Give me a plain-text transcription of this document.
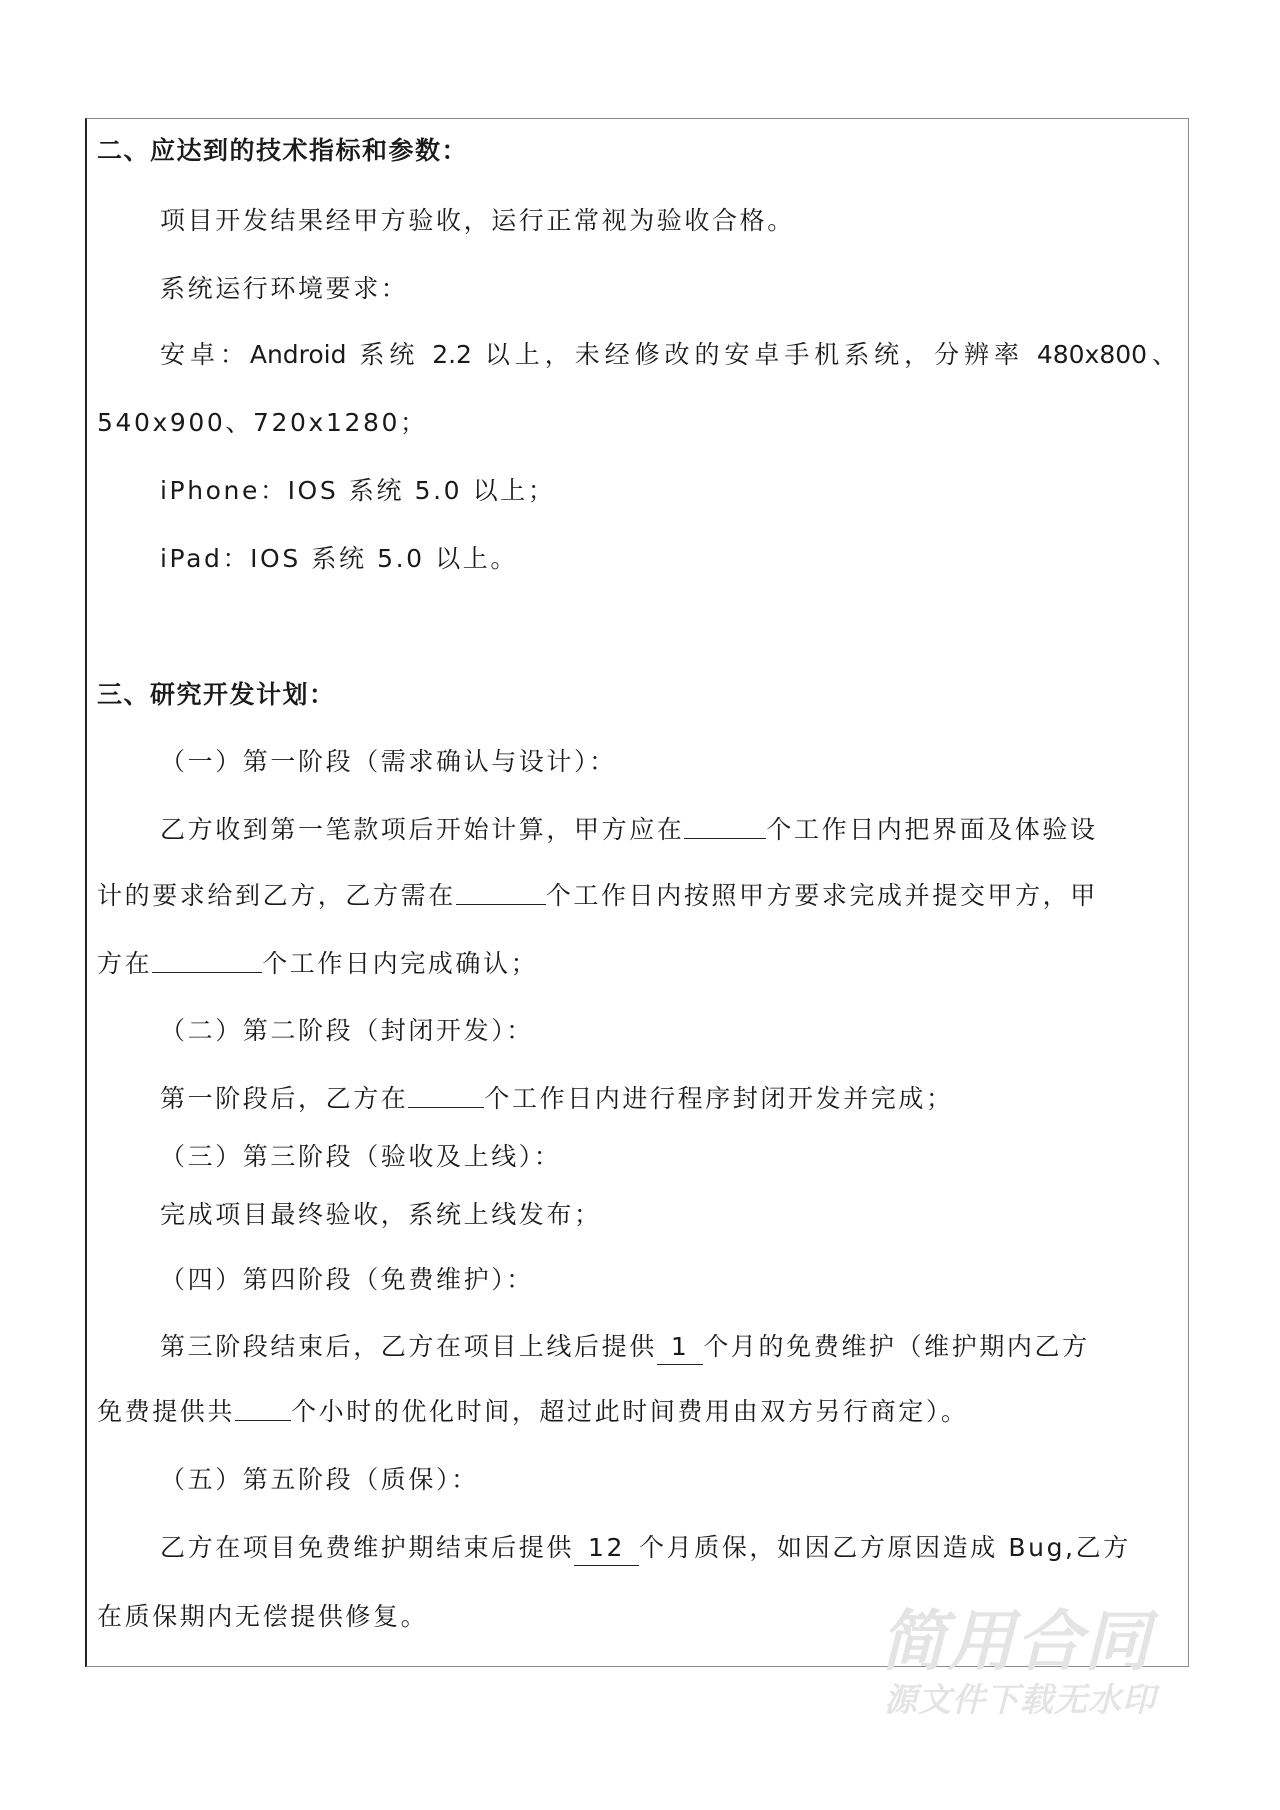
二、应达到的技术指标和参数：
项目开发结果经甲方验收，运行正常视为验收合格。
系统运行环境要求：
安卓：Android 系统 2.2 以上，未经修改的安卓手机系统，分辨率 480x800、
540x900、720x1280；
iPhone：IOS 系统 5.0 以上；
iPad：IOS 系统 5.0 以上。
三、研究开发计划：
（一）第一阶段（需求确认与设计）：
乙方收到第一笔款项后开始计算，甲方应在	个工作日内把界面及体验设
计的要求给到乙方，乙方需在	个工作日内按照甲方要求完成并提交甲方，甲
方在	个工作日内完成确认；
（二）第二阶段（封闭开发）：
第一阶段后，乙方在	个工作日内进行程序封闭开发并完成；
（三）第三阶段（验收及上线）：
完成项目最终验收，系统上线发布；
（四）第四阶段（免费维护）：
第三阶段结束后，乙方在项目上线后提供 1 个月的免费维护（维护期内乙方
免费提供共 个小时的优化时间，超过此时间费用由双方另行商定）。
（五）第五阶段（质保）：
乙方在项目免费维护期结束后提供 12 个月质保，如因乙方原因造成 Bug,乙方
在质保期内无偿提供修复。	简用合同
源文件下载无水印
